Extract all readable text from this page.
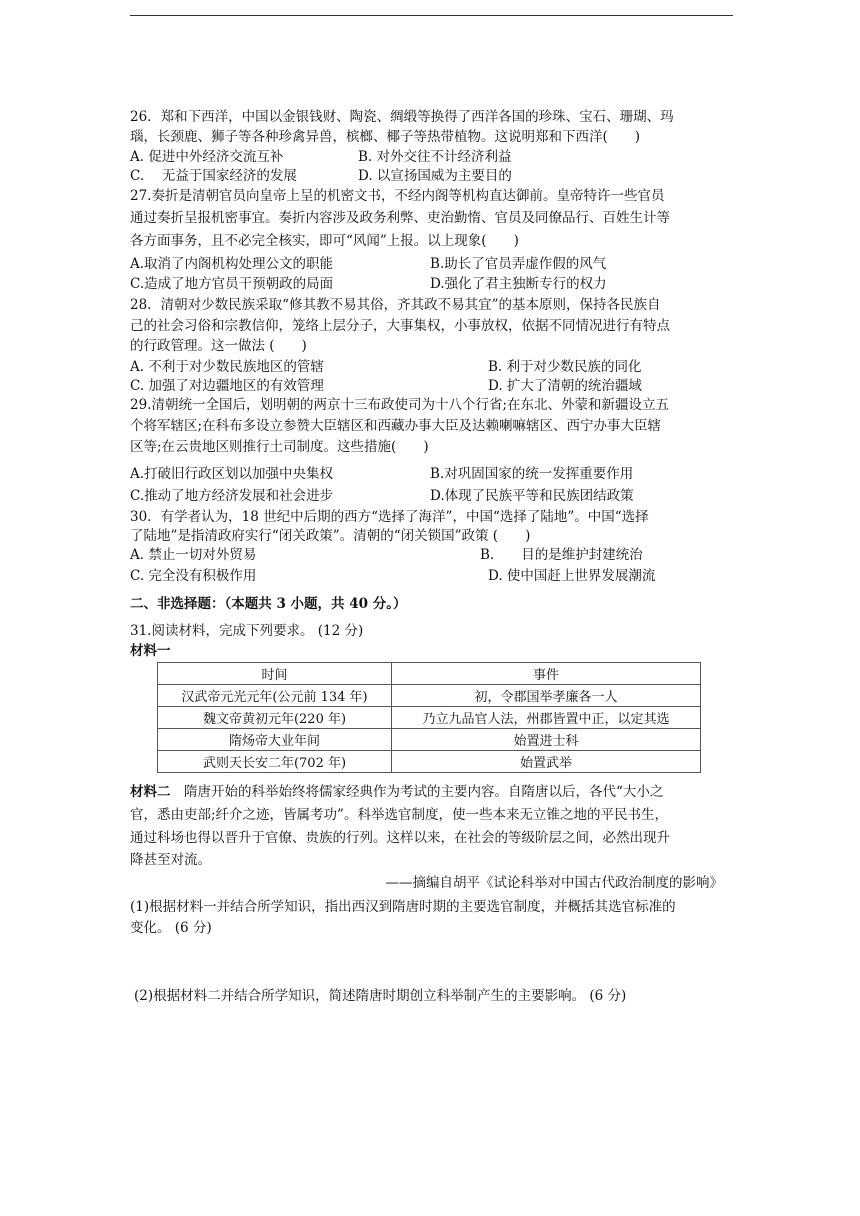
26．郑和下西洋，中国以金银钱财、陶瓷、绸缎等换得了西洋各国的珍珠、宝石、珊瑚、玛
瑙，长颈鹿、狮子等各种珍禽异兽，槟榔、椰子等热带植物。这说明郑和下西洋(　　)
A. 促进中外经济交流互补	B. 对外交往不计经济利益
C.　 无益于国家经济的发展	D. 以宣扬国威为主要目的
27.奏折是清朝官员向皇帝上呈的机密文书，不经内阁等机构直达御前。皇帝特许一些官员
通过奏折呈报机密事宜。奏折内容涉及政务利弊、吏治勤惰、官员及同僚品行、百姓生计等
各方面事务，且不必完全核实，即可“风闻”上报。以上现象(　　)
A.取消了内阁机构处理公文的职能	B.助长了官员弄虚作假的风气
C.造成了地方官员干预朝政的局面	D.强化了君主独断专行的权力
28．清朝对少数民族采取“修其教不易其俗，齐其政不易其宜”的基本原则，保持各民族自
己的社会习俗和宗教信仰，笼络上层分子，大事集权，小事放权，依据不同情况进行有特点
的行政管理。这一做法 (　　)
A. 不利于对少数民族地区的管辖	B. 利于对少数民族的同化
C. 加强了对边疆地区的有效管理	D. 扩大了清朝的统治疆域
29.清朝统一全国后，划明朝的两京十三布政使司为十八个行省;在东北、外蒙和新疆设立五
个将军辖区;在科布多设立参赞大臣辖区和西藏办事大臣及达赖喇嘛辖区、西宁办事大臣辖
区等;在云贵地区则推行土司制度。这些措施(　　)
A.打破旧行政区划以加强中央集权	B.对巩固国家的统一发挥重要作用
C.推动了地方经济发展和社会进步	D.体现了民族平等和民族团结政策
30．有学者认为，18 世纪中后期的西方“选择了海洋”，中国“选择了陆地”。中国“选择
了陆地”是指清政府实行“闭关政策”。清朝的“闭关锁国”政策 (　　)
A. 禁止一切对外贸易	B.　　目的是维护封建统治
C. 完全没有积极作用	D. 使中国赶上世界发展潮流
二、非选择题：（本题共 3 小题，共 40 分。）
31.阅读材料，完成下列要求。 (12 分)
材料一
时间	事件
汉武帝元光元年(公元前 134 年)	初，令郡国举孝廉各一人
魏文帝黄初元年(220 年)	乃立九品官人法，州郡皆置中正，以定其选
隋炀帝大业年间	始置进士科
武则天长安二年(702 年)	始置武举
材料二　 隋唐开始的科举始终将儒家经典作为考试的主要内容。自隋唐以后，各代“大小之
官，悉由吏部;纤介之迹，皆属考功”。科举选官制度，使一些本来无立锥之地的平民书生，
通过科场也得以晋升于官僚、贵族的行列。这样以来，在社会的等级阶层之间，必然出现升
降甚至对流。
——摘编自胡平《试论科举对中国古代政治制度的影响》
(1)根据材料一并结合所学知识，指出西汉到隋唐时期的主要选官制度，并概括其选官标准的
变化。 (6 分)
(2)根据材料二并结合所学知识，简述隋唐时期创立科举制产生的主要影响。 (6 分)
